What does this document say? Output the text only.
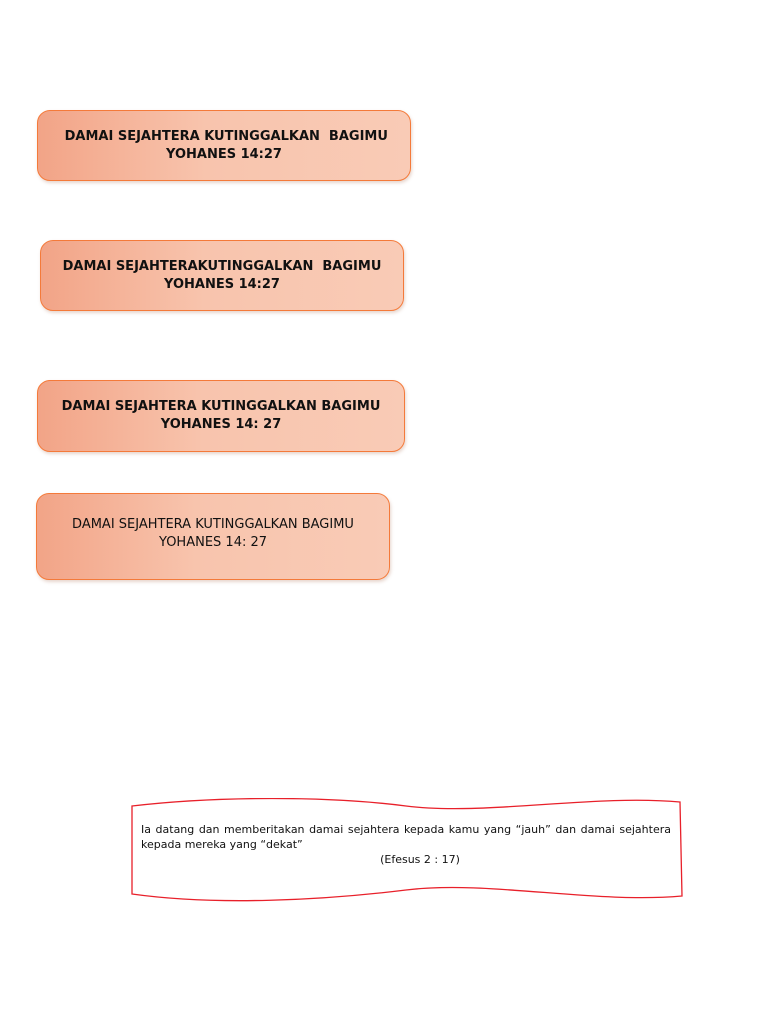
DAMAI SEJAHTERA KUTINGGALKAN  BAGIMU
YOHANES 14:27
DAMAI SEJAHTERAKUTINGGALKAN  BAGIMU
YOHANES 14:27
DAMAI SEJAHTERA KUTINGGALKAN BAGIMU
YOHANES 14: 27
DAMAI SEJAHTERA KUTINGGALKAN BAGIMU
YOHANES 14: 27
Ia datang dan memberitakan damai sejahtera kepada kamu yang “jauh” dan damai sejahtera kepada mereka yang “dekat”
(Efesus 2 : 17)
